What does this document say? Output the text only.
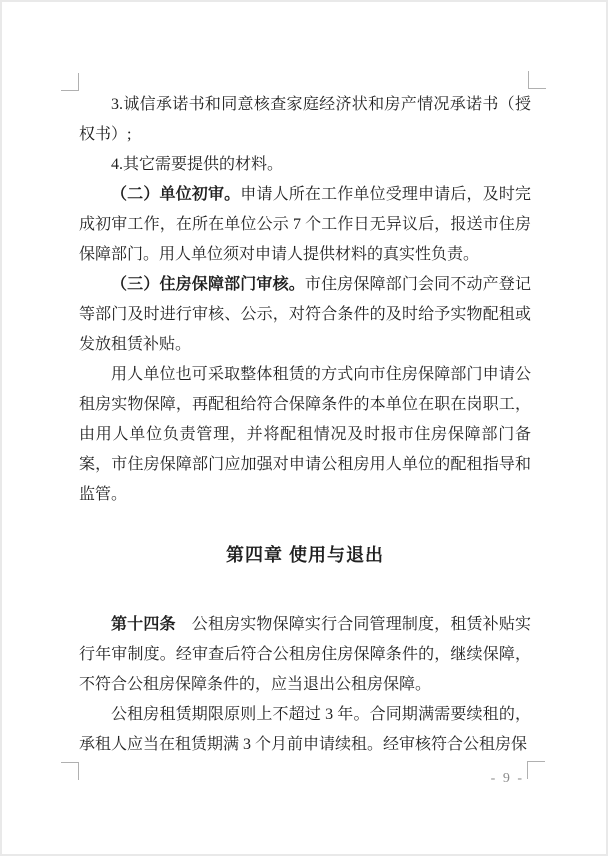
3.诚信承诺书和同意核查家庭经济状和房产情况承诺书（授权书）;

4.其它需要提供的材料。

（二）单位初审。申请人所在工作单位受理申请后，及时完成初审工作，在所在单位公示 7 个工作日无异议后，报送市住房保障部门。用人单位须对申请人提供材料的真实性负责。

（三）住房保障部门审核。市住房保障部门会同不动产登记等部门及时进行审核、公示，对符合条件的及时给予实物配租或发放租赁补贴。

用人单位也可采取整体租赁的方式向市住房保障部门申请公租房实物保障，再配租给符合保障条件的本单位在职在岗职工，由用人单位负责管理，并将配租情况及时报市住房保障部门备案，市住房保障部门应加强对申请公租房用人单位的配租指导和监管。

第四章 使用与退出

第十四条　公租房实物保障实行合同管理制度，租赁补贴实行年审制度。经审查后符合公租房住房保障条件的，继续保障，不符合公租房保障条件的，应当退出公租房保障。

公租房租赁期限原则上不超过 3 年。合同期满需要续租的，承租人应当在租赁期满 3 个月前申请续租。经审核符合公租房保

- 9 -
